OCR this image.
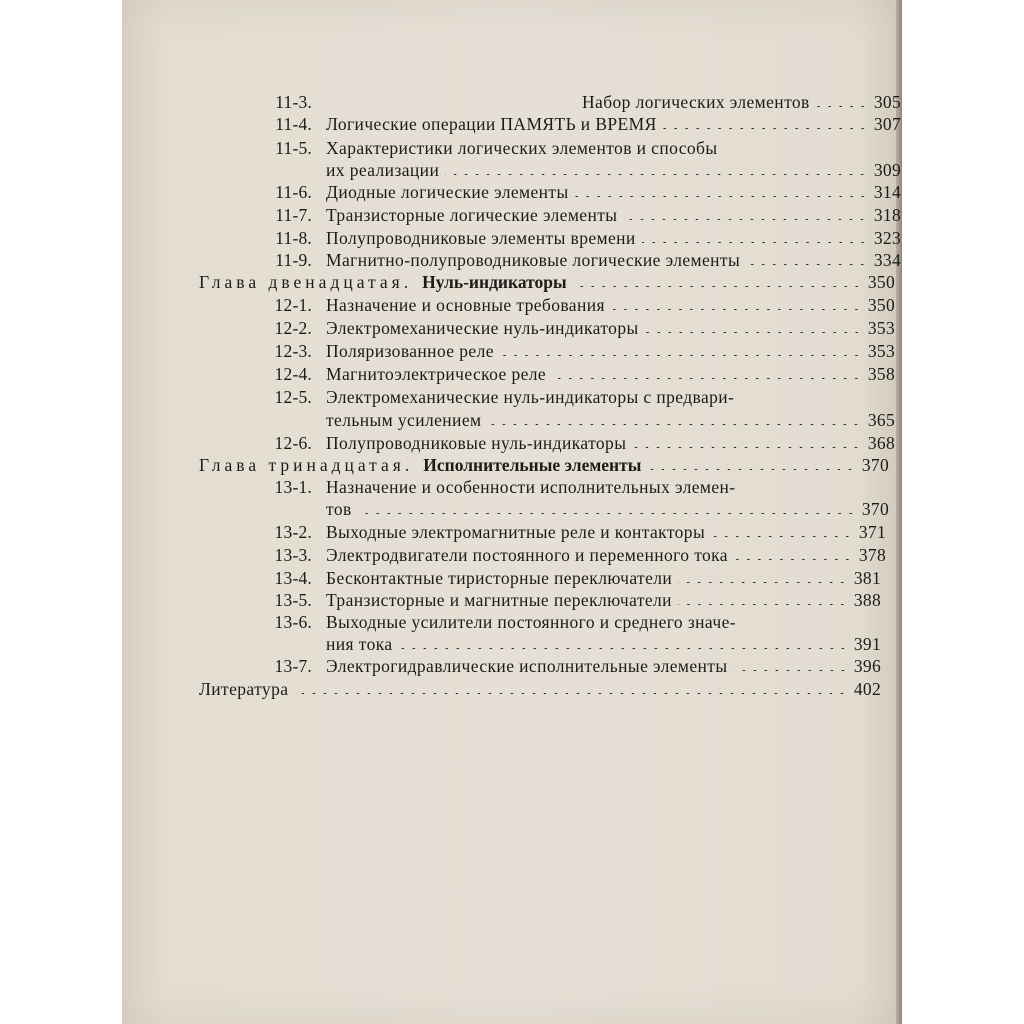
11-3.	Набор логических элементов	305
11-4. Логические операции ПАМЯТЬ и ВРЕМЯ	307
11-5. Характеристики логических элементов и способы
их реализации	309
11-6. Диодные логические элементы	314
11-7. Транзисторные логические элементы	318
11-8. Полупроводниковые элементы времени	323
11-9. Магнитно-полупроводниковые логические элементы	334
Глава двенадцатая. Нуль-индикаторы	350
12-1. Назначение и основные требования	350
12-2. Электромеханические нуль-индикаторы	353
12-3. Поляризованное реле	353
12-4. Магнитоэлектрическое реле	358
12-5. Электромеханические нуль-индикаторы с предвари-
тельным усилением	365
12-6. Полупроводниковые нуль-индикаторы	368
Глава тринадцатая. Исполнительные элементы	370
13-1. Назначение и особенности исполнительных элемен-
тов	370
13-2. Выходные электромагнитные реле и контакторы	371
13-3. Электродвигатели постоянного и переменного тока	378
13-4. Бесконтактные тиристорные переключатели	381
13-5. Транзисторные и магнитные переключатели	388
13-6. Выходные усилители постоянного и среднего значе-
ния тока	391
13-7. Электрогидравлические исполнительные элементы	396
Литература	402
